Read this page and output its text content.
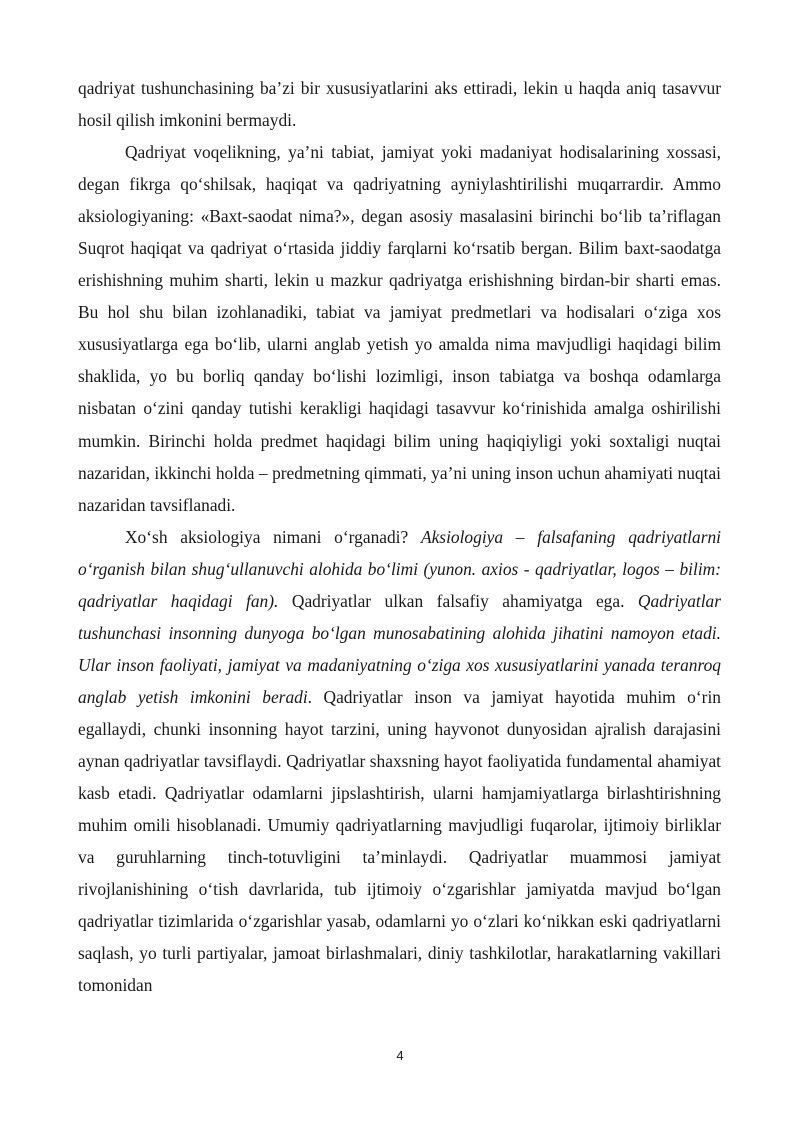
qadriyat tushunchasining ba’zi bir xususiyatlarini aks ettiradi, lekin u haqda aniq tasavvur hosil qilish imkonini bermaydi.

Qadriyat voqelikning, ya’ni tabiat, jamiyat yoki madaniyat hodisalarining xossasi, degan fikrga qo‘shilsak, haqiqat va qadriyatning ayniylashtirilishi muqarrardir. Ammo aksiologiyaning: «Baxt-saodat nima?», degan asosiy masalasini birinchi bo‘lib ta’riflagan Suqrot haqiqat va qadriyat o‘rtasida jiddiy farqlarni ko‘rsatib bergan. Bilim baxt-saodatga erishishning muhim sharti, lekin u mazkur qadriyatga erishishning birdan-bir sharti emas. Bu hol shu bilan izohlanadiki, tabiat va jamiyat predmetlari va hodisalari o‘ziga xos xususiyatlarga ega bo‘lib, ularni anglab yetish yo amalda nima mavjudligi haqidagi bilim shaklida, yo bu borliq qanday bo‘lishi lozimligi, inson tabiatga va boshqa odamlarga nisbatan o‘zini qanday tutishi kerakligi haqidagi tasavvur ko‘rinishida amalga oshirilishi mumkin. Birinchi holda predmet haqidagi bilim uning haqiqiyligi yoki soxtaligi nuqtai nazaridan, ikkinchi holda – predmetning qimmati, ya’ni uning inson uchun ahamiyati nuqtai nazaridan tavsiflanadi.

Xo‘sh aksiologiya nimani o‘rganadi? Aksiologiya – falsafaning qadriyatlarni o‘rganish bilan shug‘ullanuvchi alohida bo‘limi (yunon. axios - qadriyatlar, logos – bilim: qadriyatlar haqidagi fan). Qadriyatlar ulkan falsafiy ahamiyatga ega. Qadriyatlar tushunchasi insonning dunyoga bo‘lgan munosabatining alohida jihatini namoyon etadi. Ular inson faoliyati, jamiyat va madaniyatning o‘ziga xos xususiyatlarini yanada teranroq anglab yetish imkonini beradi. Qadriyatlar inson va jamiyat hayotida muhim o‘rin egallaydi, chunki insonning hayot tarzini, uning hayvonot dunyosidan ajralish darajasini aynan qadriyatlar tavsiflaydi. Qadriyatlar shaxsning hayot faoliyatida fundamental ahamiyat kasb etadi. Qadriyatlar odamlarni jipslashtirish, ularni hamjamiyatlarga birlashtirishning muhim omili hisoblanadi. Umumiy qadriyatlarning mavjudligi fuqarolar, ijtimoiy birliklar va guruhlarning tinch-totuvligini ta’minlaydi. Qadriyatlar muammosi jamiyat rivojlanishining o‘tish davrlarida, tub ijtimoiy o‘zgarishlar jamiyatda mavjud bo‘lgan qadriyatlar tizimlarida o‘zgarishlar yasab, odamlarni yo o‘zlari ko‘nikkan eski qadriyatlarni saqlash, yo turli partiyalar, jamoat birlashmalari, diniy tashkilotlar, harakatlarning vakillari tomonidan

4
